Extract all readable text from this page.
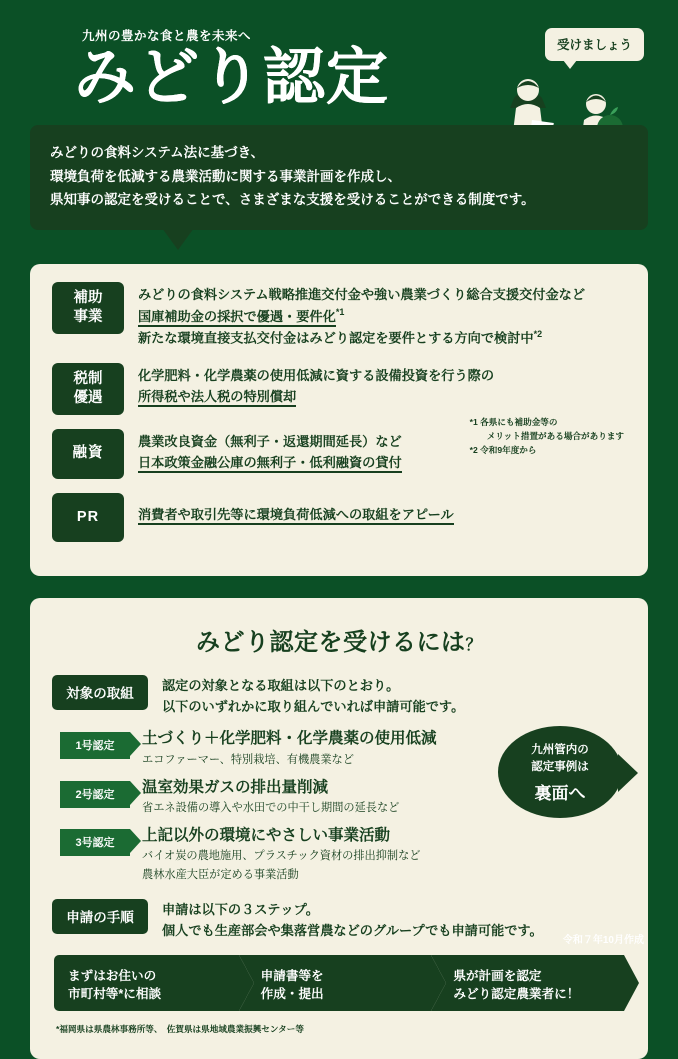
九州の豊かな食と農を未来へ
みどり認定	受けましょう
みどりの食料システム法に基づき、
環境負荷を低減する農業活動に関する事業計画を作成し、
県知事の認定を受けることで、さまざまな支援を受けることができる制度です。
補助
事業
みどりの食料システム戦略推進交付金や強い農業づくり総合支援交付金など
国庫補助金の採択で優遇・要件化$^{*1}$
新たな環境直接支払交付金はみどり認定を要件とする方向で検討中$^{*2}$
税制
優遇
化学肥料・化学農薬の使用低減に資する設備投資を行う際の
所得税や法人税の特別償却
融資
農業改良資金（無利子・返還期間延長）など
日本政策金融公庫の無利子・低利融資の貸付
PR	消費者や取引先等に環境負荷低減への取組をアピール
*1 各県にも補助金等の
　　メリット措置がある場合があります
*2 令和9年度から
みどり認定を受けるには？
対象の取組
認定の対象となる取組は以下のとおり。
以下のいずれかに取り組んでいれば申請可能です。
1号認定	土づくり＋化学肥料・化学農薬の使用低減
エコファーマー、特別栽培、有機農業など
2号認定	温室効果ガスの排出量削減
省エネ設備の導入や水田での中干し期間の延長など
3号認定	上記以外の環境にやさしい事業活動
バイオ炭の農地施用、プラスチック資材の排出抑制など
農林水産大臣が定める事業活動
九州管内の
認定事例は
裏面へ
申請の手順
申請は以下の３ステップ。
個人でも生産部会や集落営農などのグループでも申請可能です。
まずはお住いの
市町村等*に相談
申請書等を
作成・提出
県が計画を認定
みどり認定農業者に！
*福岡県は県農林事務所等、　佐賀県は県地域農業振興センター等
令和７年10月作成
